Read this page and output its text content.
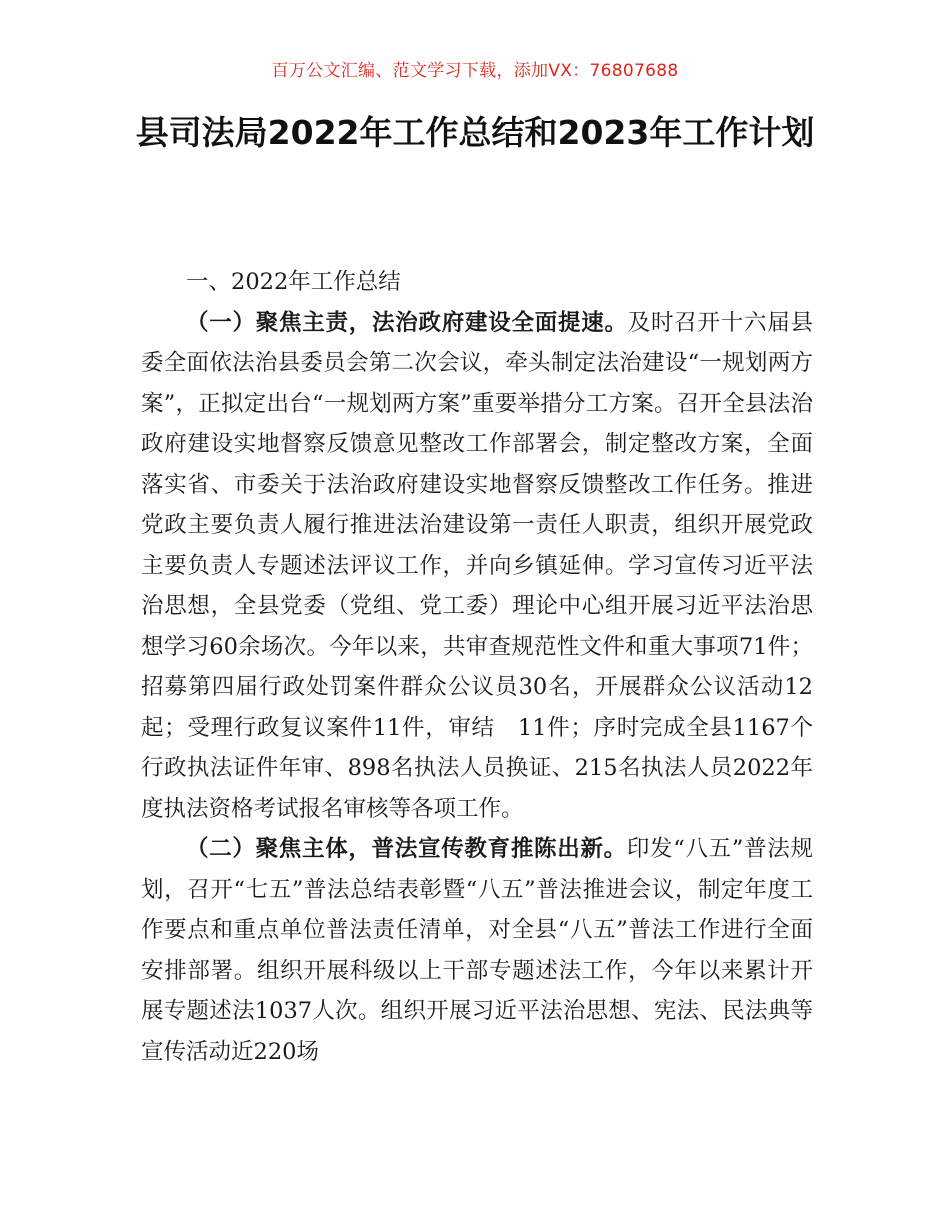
百万公文汇编、范文学习下载，添加VX：76807688
县司法局2022年工作总结和2023年工作计划

一、2022年工作总结

（一）聚焦主责，法治政府建设全面提速。及时召开十六届县委全面依法治县委员会第二次会议，牵头制定法治建设“一规划两方案”，正拟定出台“一规划两方案”重要举措分工方案。召开全县法治政府建设实地督察反馈意见整改工作部署会，制定整改方案，全面落实省、市委关于法治政府建设实地督察反馈整改工作任务。推进党政主要负责人履行推进法治建设第一责任人职责，组织开展党政主要负责人专题述法评议工作，并向乡镇延伸。学习宣传习近平法治思想，全县党委（党组、党工委）理论中心组开展习近平法治思想学习60余场次。今年以来，共审查规范性文件和重大事项71件；招募第四届行政处罚案件群众公议员30名，开展群众公议活动12起；受理行政复议案件11件，审结　11件；序时完成全县1167个行政执法证件年审、898名执法人员换证、215名执法人员2022年度执法资格考试报名审核等各项工作。

（二）聚焦主体，普法宣传教育推陈出新。印发“八五”普法规划，召开“七五”普法总结表彰暨“八五”普法推进会议，制定年度工作要点和重点单位普法责任清单，对全县“八五”普法工作进行全面安排部署。组织开展科级以上干部专题述法工作，今年以来累计开展专题述法1037人次。组织开展习近平法治思想、宪法、民法典等宣传活动近220场
